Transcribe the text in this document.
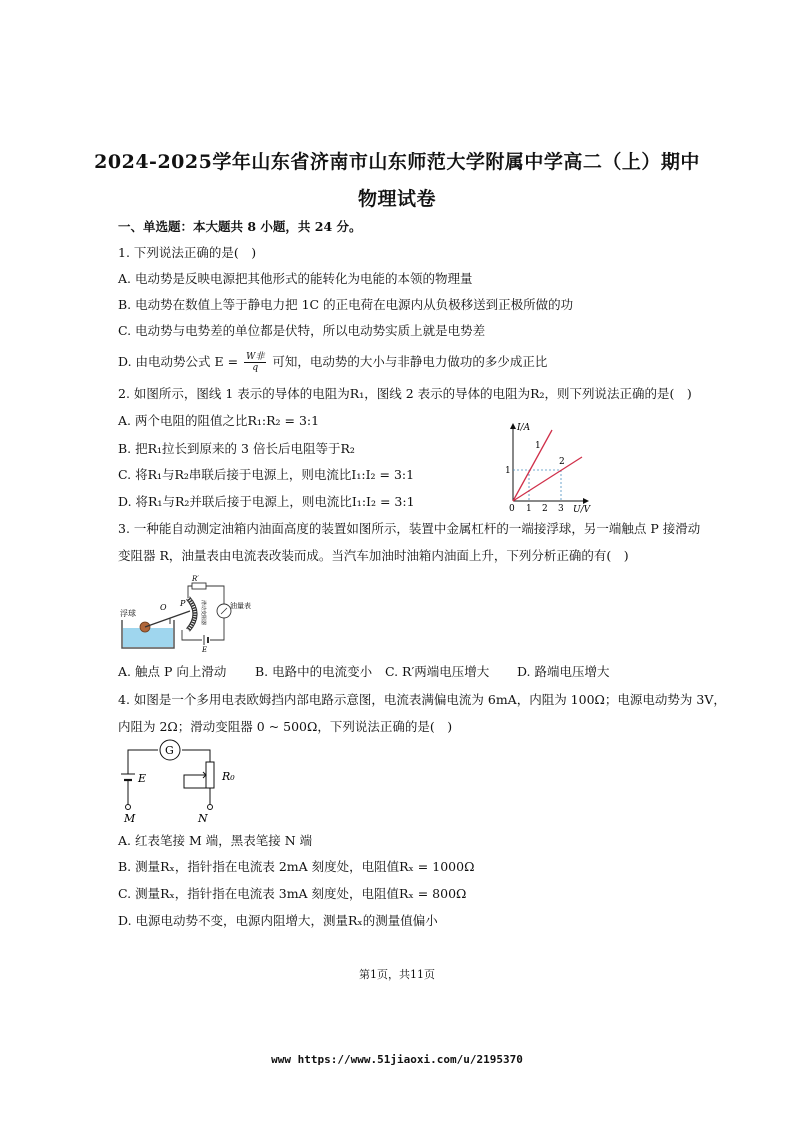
2024-2025学年山东省济南市山东师范大学附属中学高二（上）期中
物理试卷
一、单选题：本大题共 8 小题，共 24 分。
1. 下列说法正确的是(　)
A. 电动势是反映电源把其他形式的能转化为电能的本领的物理量
B. 电动势在数值上等于静电力把 1C 的正电荷在电源内从负极移送到正极所做的功
C. 电动势与电势差的单位都是伏特，所以电动势实质上就是电势差
D. 由电动势公式 $E = \frac{\text{W非}}{q}$ 可知，电动势的大小与非静电力做功的多少成正比
2. 如图所示，图线 1 表示的导体的电阻为R₁，图线 2 表示的导体的电阻为R₂，则下列说法正确的是(　)
A. 两个电阻的阻值之比R₁:R₂ = 3:1
B. 把R₁拉长到原来的 3 倍长后电阻等于R₂
C. 将R₁与R₂串联后接于电源上，则电流比I₁:I₂ = 3:1
D. 将R₁与R₂并联后接于电源上，则电流比I₁:I₂ = 3:1
I/A
U/V
0 1 2 3
1
1
2
3. 一种能自动测定油箱内油面高度的装置如图所示，装置中金属杠杆的一端接浮球，另一端触点 P 接滑动
变阻器 R，油量表由电流表改装而成。当汽车加油时油箱内油面上升，下列分析正确的有(　)
浮球
O P	滑动变阻器
R′
油量表
E
A. 触点 P 向上滑动 B. 电路中的电流变小 C. R′两端电压增大 D. 路端电压增大
4. 如图是一个多用电表欧姆挡内部电路示意图，电流表满偏电流为 6mA，内阻为 100Ω；电源电动势为 3V，
内阻为 2Ω；滑动变阻器 0 ~ 500Ω，下列说法正确的是(　)
G
E	R₀
M	N
A. 红表笔接 M 端，黑表笔接 N 端
B. 测量Rₓ，指针指在电流表 2mA 刻度处，电阻值Rₓ = 1000Ω
C. 测量Rₓ，指针指在电流表 3mA 刻度处，电阻值Rₓ = 800Ω
D. 电源电动势不变，电源内阻增大，测量Rₓ的测量值偏小
第1页，共11页
www https://www.51jiaoxi.com/u/2195370
